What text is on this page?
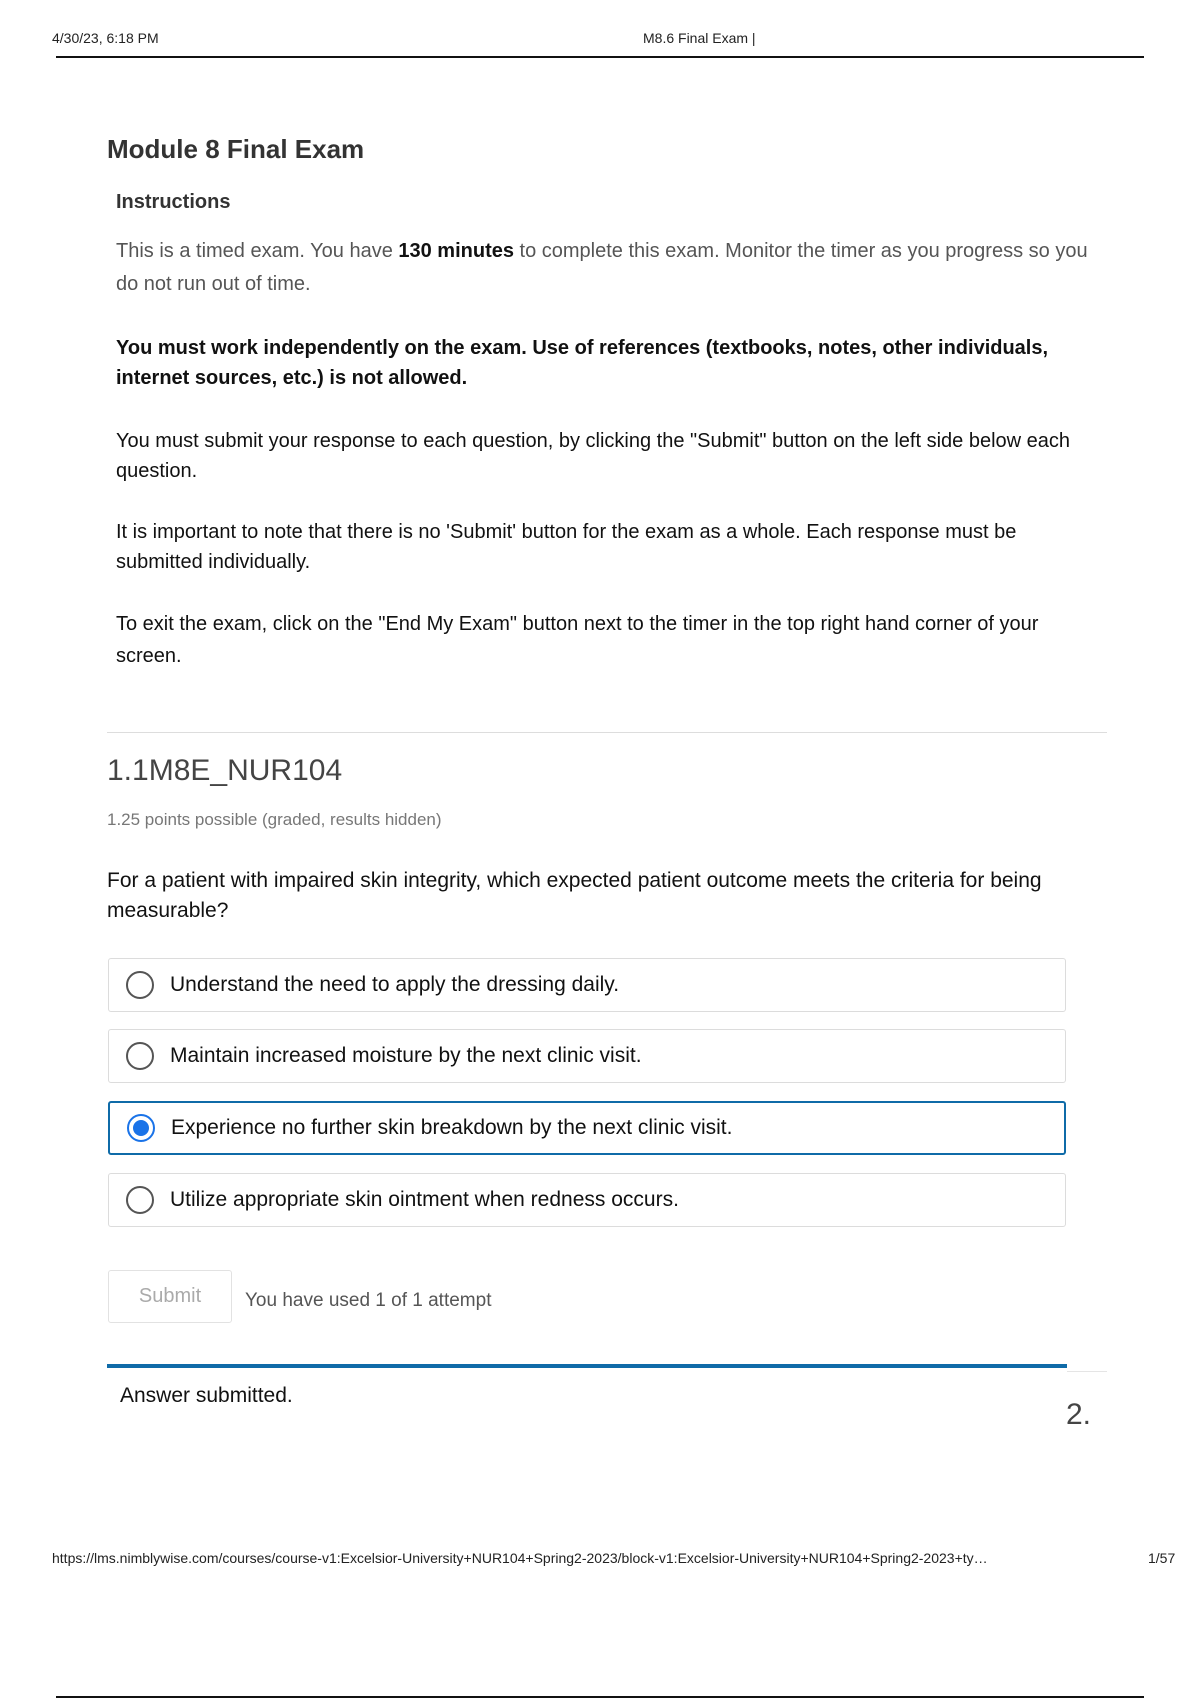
4/30/23, 6:18 PM	M8.6 Final Exam |
Module 8 Final Exam
Instructions

This is a timed exam. You have 130 minutes to complete this exam. Monitor the timer as you progress so you do not run out of time.

You must work independently on the exam. Use of references (textbooks, notes, other individuals, internet sources, etc.) is not allowed.

You must submit your response to each question, by clicking the "Submit" button on the left side below each question.

It is important to note that there is no 'Submit' button for the exam as a whole. Each response must be submitted individually.

To exit the exam, click on the "End My Exam" button next to the timer in the top right hand corner of your screen.

1.1M8E_NUR104
1.25 points possible (graded, results hidden)

For a patient with impaired skin integrity, which expected patient outcome meets the criteria for being measurable?

Understand the need to apply the dressing daily.
Maintain increased moisture by the next clinic visit.
Experience no further skin breakdown by the next clinic visit.
Utilize appropriate skin ointment when redness occurs.
Submit	You have used 1 of 1 attempt
Answer submitted.
2.
https://lms.nimblywise.com/courses/course-v1:Excelsior-University+NUR104+Spring2-2023/block-v1:Excelsior-University+NUR104+Spring2-2023+ty…	1/57
